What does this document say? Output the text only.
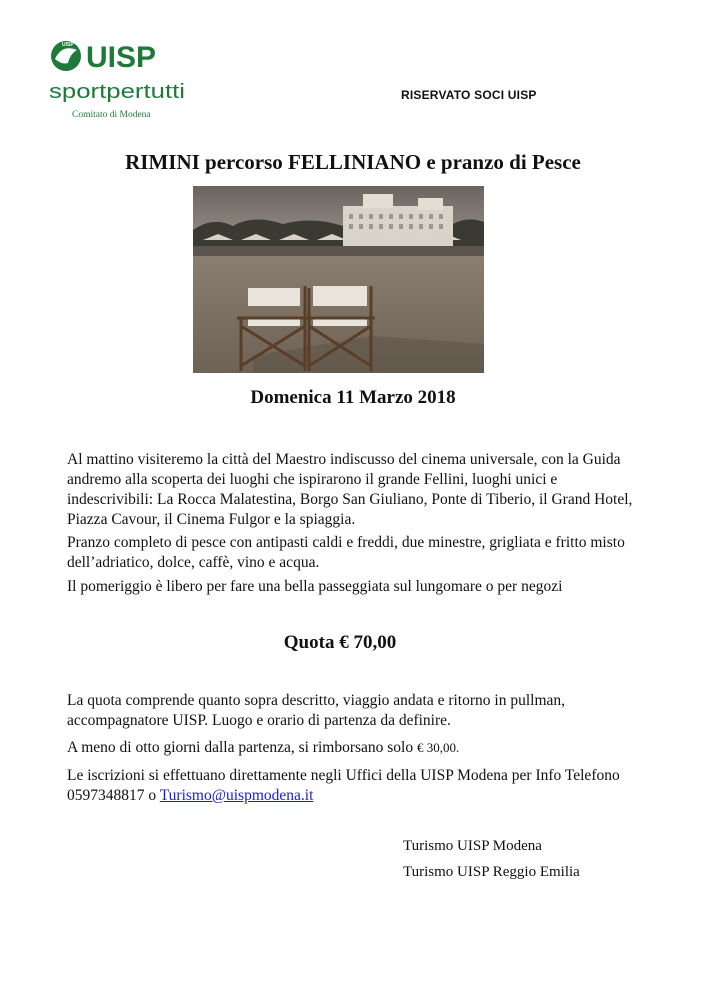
UISP UISP
sportpertutti
Comitato di Modena
RISERVATO SOCI UISP
RIMINI percorso FELLINIANO e pranzo di Pesce
Domenica 11 Marzo 2018
Al mattino visiteremo la città del Maestro indiscusso del cinema universale, con la Guida andremo alla scoperta dei luoghi che ispirarono il grande Fellini, luoghi unici e indescrivibili: La Rocca Malatestina, Borgo San Giuliano, Ponte di Tiberio, il Grand Hotel, Piazza Cavour, il Cinema Fulgor e la spiaggia.
Pranzo completo di pesce con antipasti caldi e freddi, due minestre, grigliata e fritto misto dell’adriatico, dolce, caffè, vino e acqua.
Il pomeriggio è libero per fare una bella passeggiata sul lungomare o per negozi
Quota € 70,00
La quota comprende quanto sopra descritto, viaggio andata e ritorno in pullman, accompagnatore UISP. Luogo e orario di partenza da definire.
A meno di otto giorni dalla partenza, si rimborsano solo € 30,00.
Le iscrizioni si effettuano direttamente negli Uffici della UISP Modena per Info Telefono 0597348817 o Turismo@uispmodena.it
Turismo UISP Modena
Turismo UISP Reggio Emilia
